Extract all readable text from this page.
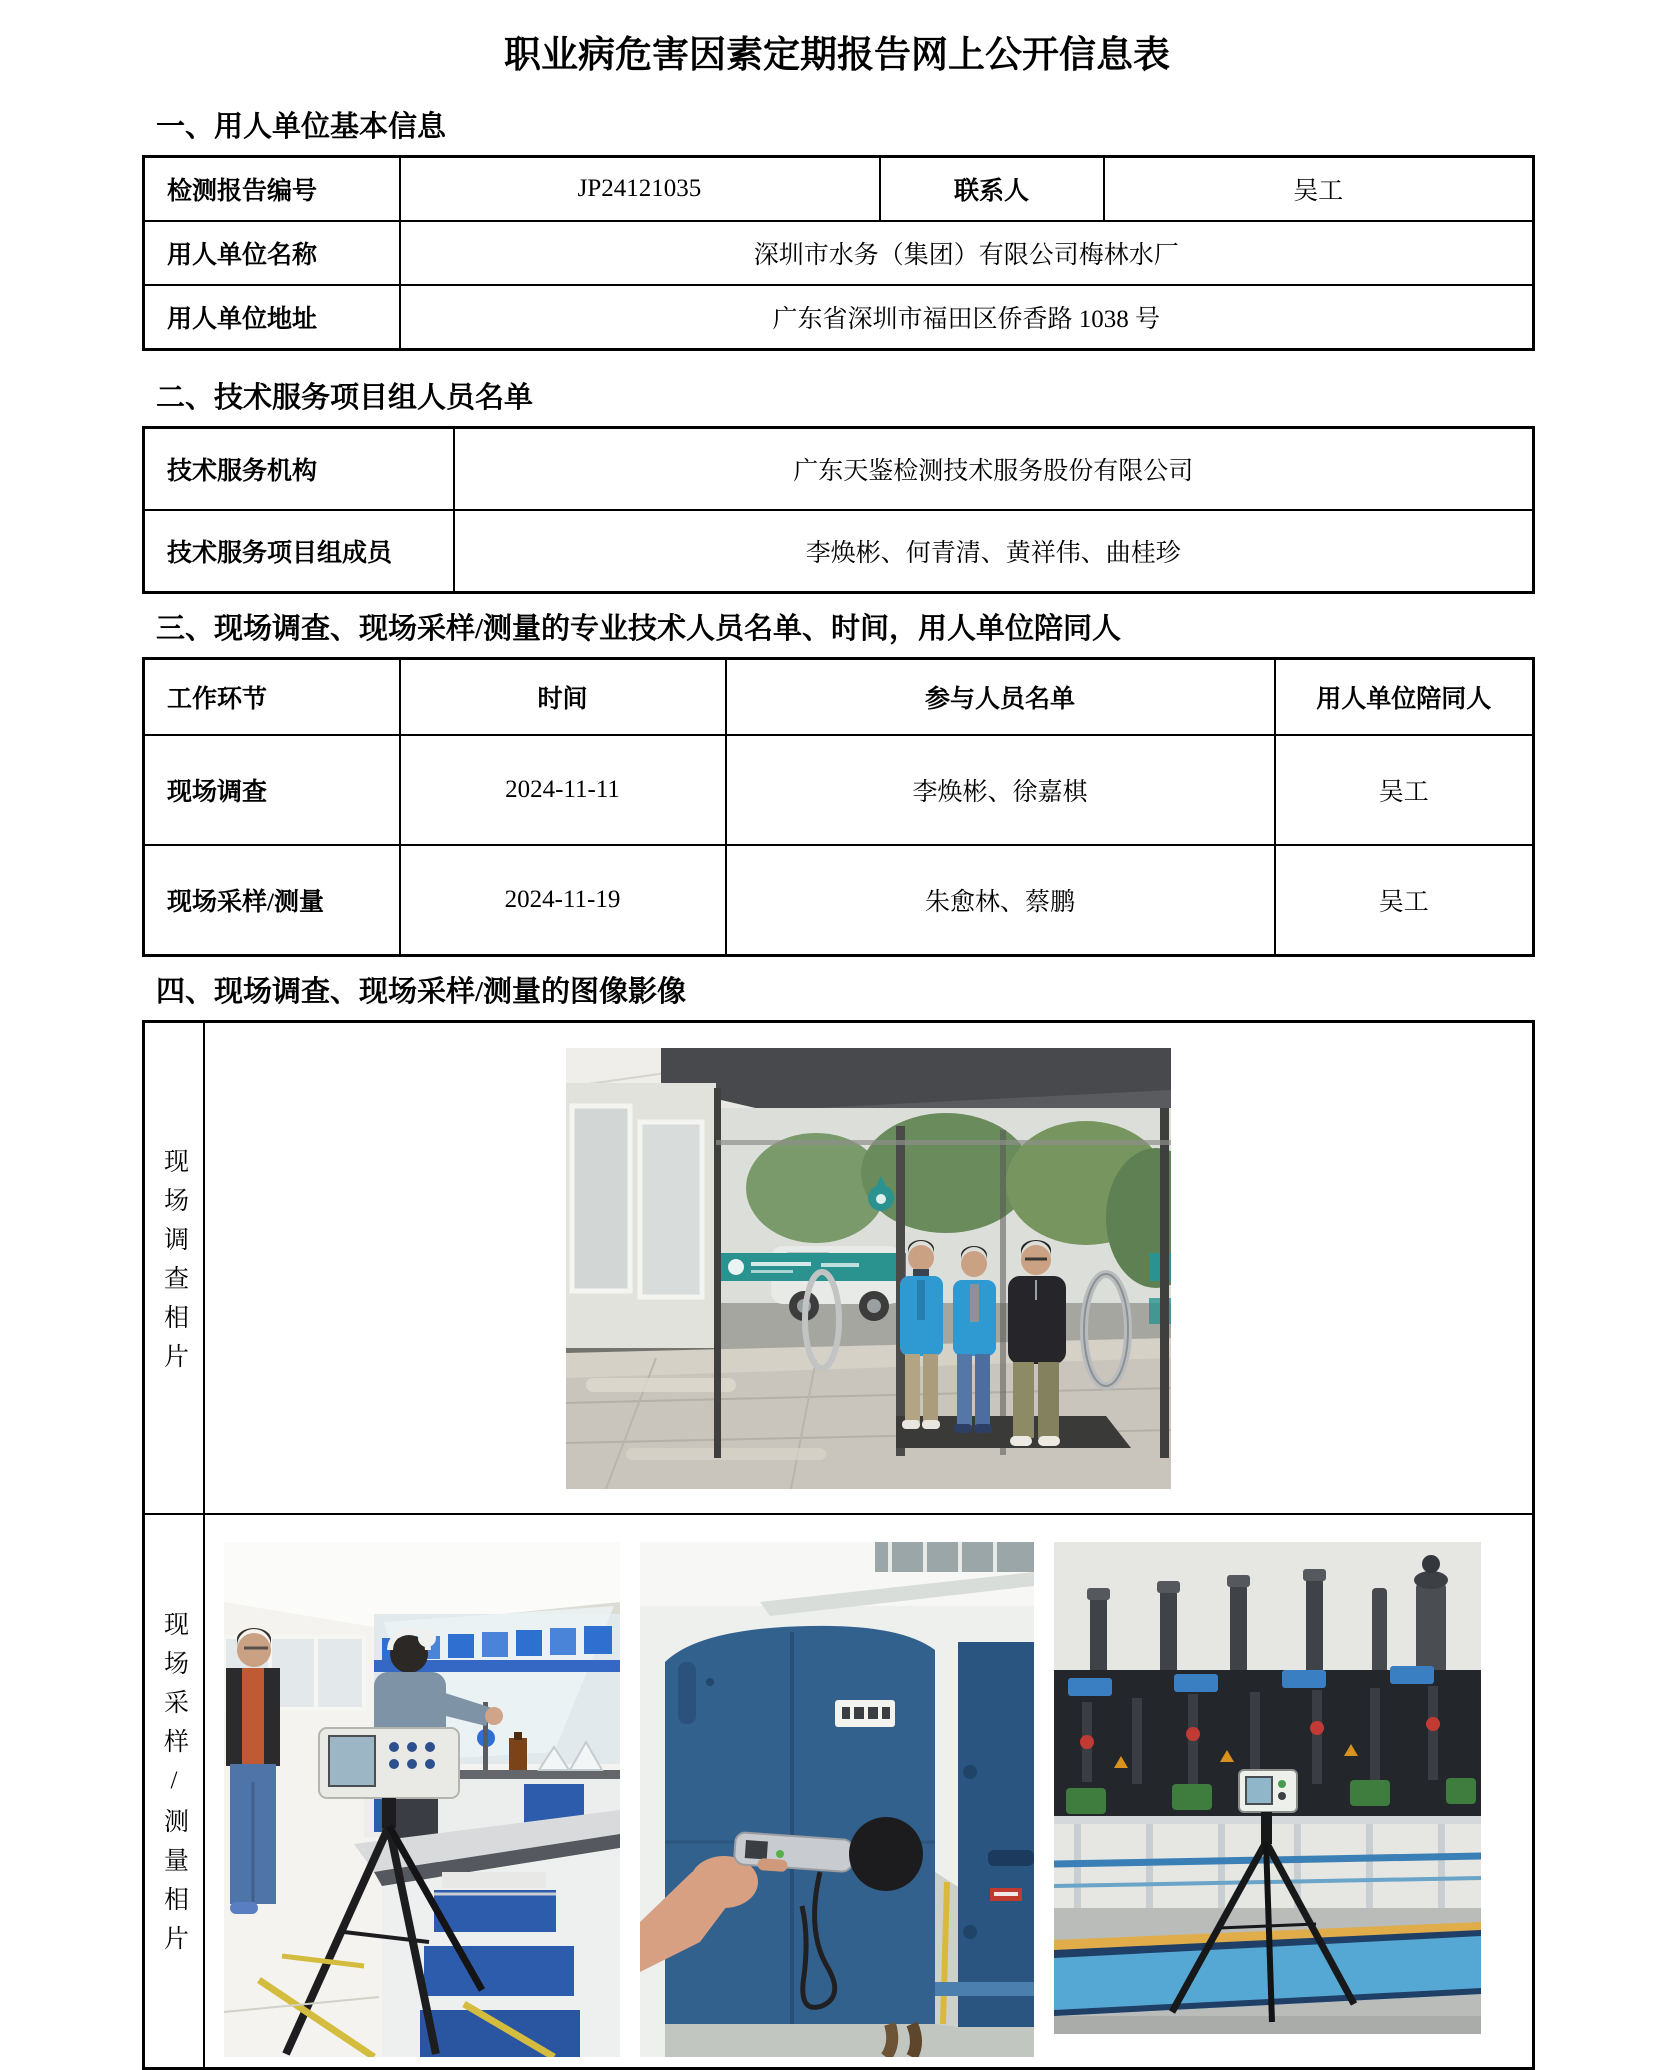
职业病危害因素定期报告网上公开信息表
一、用人单位基本信息
检测报告编号	JP24121035	联系人	吴工
用人单位名称	深圳市水务（集团）有限公司梅林水厂		
用人单位地址	广东省深圳市福田区侨香路 1038 号		
二、技术服务项目组人员名单
技术服务机构	广东天鉴检测技术服务股份有限公司
技术服务项目组成员	李焕彬、何青清、黄祥伟、曲桂珍
三、现场调查、现场采样/测量的专业技术人员名单、时间，用人单位陪同人
工作环节	时间	参与人员名单	用人单位陪同人
现场调查	2024-11-11	李焕彬、徐嘉棋	吴工
现场采样/测量	2024-11-19	朱愈林、蔡鹏	吴工
四、现场调查、现场采样/测量的图像影像
现场调查相片	
现场采样/测量相片	
